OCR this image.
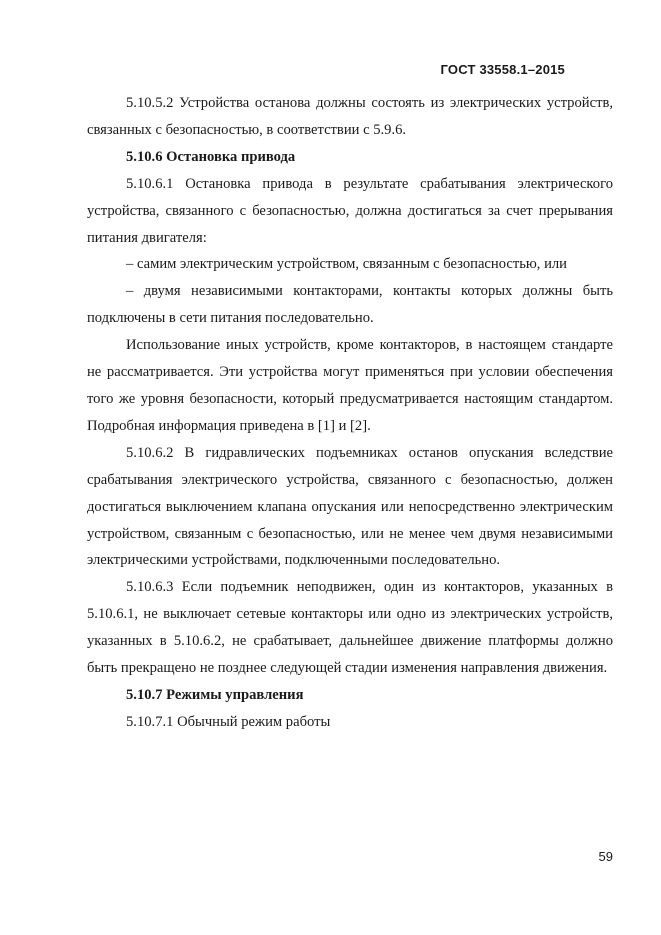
ГОСТ 33558.1–2015

5.10.5.2 Устройства останова должны состоять из электрических устройств, связанных с безопасностью, в соответствии с 5.9.6.

5.10.6 Остановка привода

5.10.6.1 Остановка привода в результате срабатывания электрического устройства, связанного с безопасностью, должна достигаться за счет прерывания питания двигателя:

– самим электрическим устройством, связанным с безопасностью, или

– двумя независимыми контакторами, контакты которых должны быть подключены в сети питания последовательно.

Использование иных устройств, кроме контакторов, в настоящем стандарте не рассматривается. Эти устройства могут применяться при условии обеспечения того же уровня безопасности, который предусматривается настоящим стандартом. Подробная информация приведена в [1] и [2].

5.10.6.2 В гидравлических подъемниках останов опускания вследствие срабатывания электрического устройства, связанного с безопасностью, должен достигаться выключением клапана опускания или непосредственно электрическим устройством, связанным с безопасностью, или не менее чем двумя независимыми электрическими устройствами, подключенными последовательно.

5.10.6.3 Если подъемник неподвижен, один из контакторов, указанных в 5.10.6.1, не выключает сетевые контакторы или одно из электрических устройств, указанных в 5.10.6.2, не срабатывает, дальнейшее движение платформы должно быть прекращено не позднее следующей стадии изменения направления движения.

5.10.7 Режимы управления

5.10.7.1 Обычный режим работы

59
